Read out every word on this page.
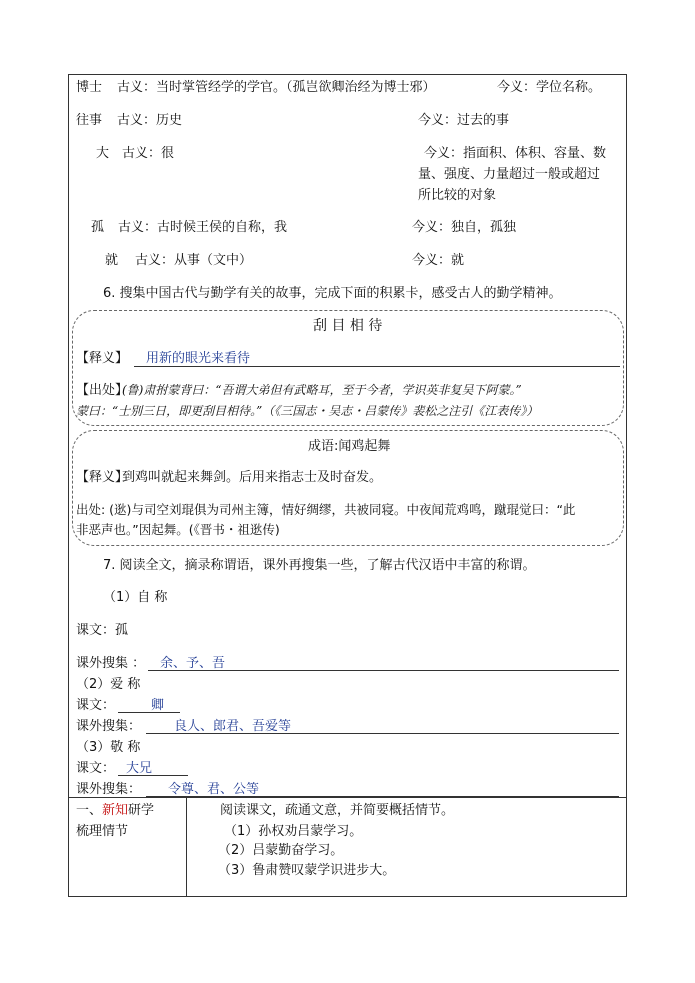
博士 古义：当时掌管经学的学官。（孤岂欲卿治经为博士邪）	今义：学位名称。
往事 古义：历史	今义：过去的事
大 古义：很	今义：指面积、体积、容量、数
量、强度、力量超过一般或超过
所比较的对象
孤 古义：古时候王侯的自称，我	今义：独自，孤独
就 古义：从事（文中）	今义：就
6. 搜集中国古代与勤学有关的故事，完成下面的积累卡，感受古人的勤学精神。
刮 目 相 待
【释义】 用新的眼光来看待
【出处】
(鲁)肃拊蒙背曰：“吾谓大弟但有武略耳，至于今者，学识英非复吴下阿蒙。”
蒙曰：“士别三日，即更刮目相待。”（《三国志・吴志・吕蒙传》裴松之注引《江表传》）
成语:闻鸡起舞
【释义】
到鸡叫就起来舞剑。后用来指志士及时奋发。
出处: (逖)与司空刘琨俱为司州主簿，情好绸缪，共被同寝。中夜闻荒鸡鸣，蹴琨觉曰：“此
非恶声也。”因起舞。(《晋书・祖逖传)
7. 阅读全文，摘录称谓语，课外再搜集一些，了解古代汉语中丰富的称谓。
（1）自 称
课文：孤
课外搜集 ： 余、予、吾
（2）爱 称
课文：	卿
课外搜集：	良人、郎君、吾爱等
（3）敬 称
课文： 大兄
课外搜集： 令尊、君、公等
一、新知研学
梳理情节
阅读课文，疏通文意，并简要概括情节。
（1）孙权劝吕蒙学习。
（2）吕蒙勤奋学习。
（3）鲁肃赞叹蒙学识进步大。
